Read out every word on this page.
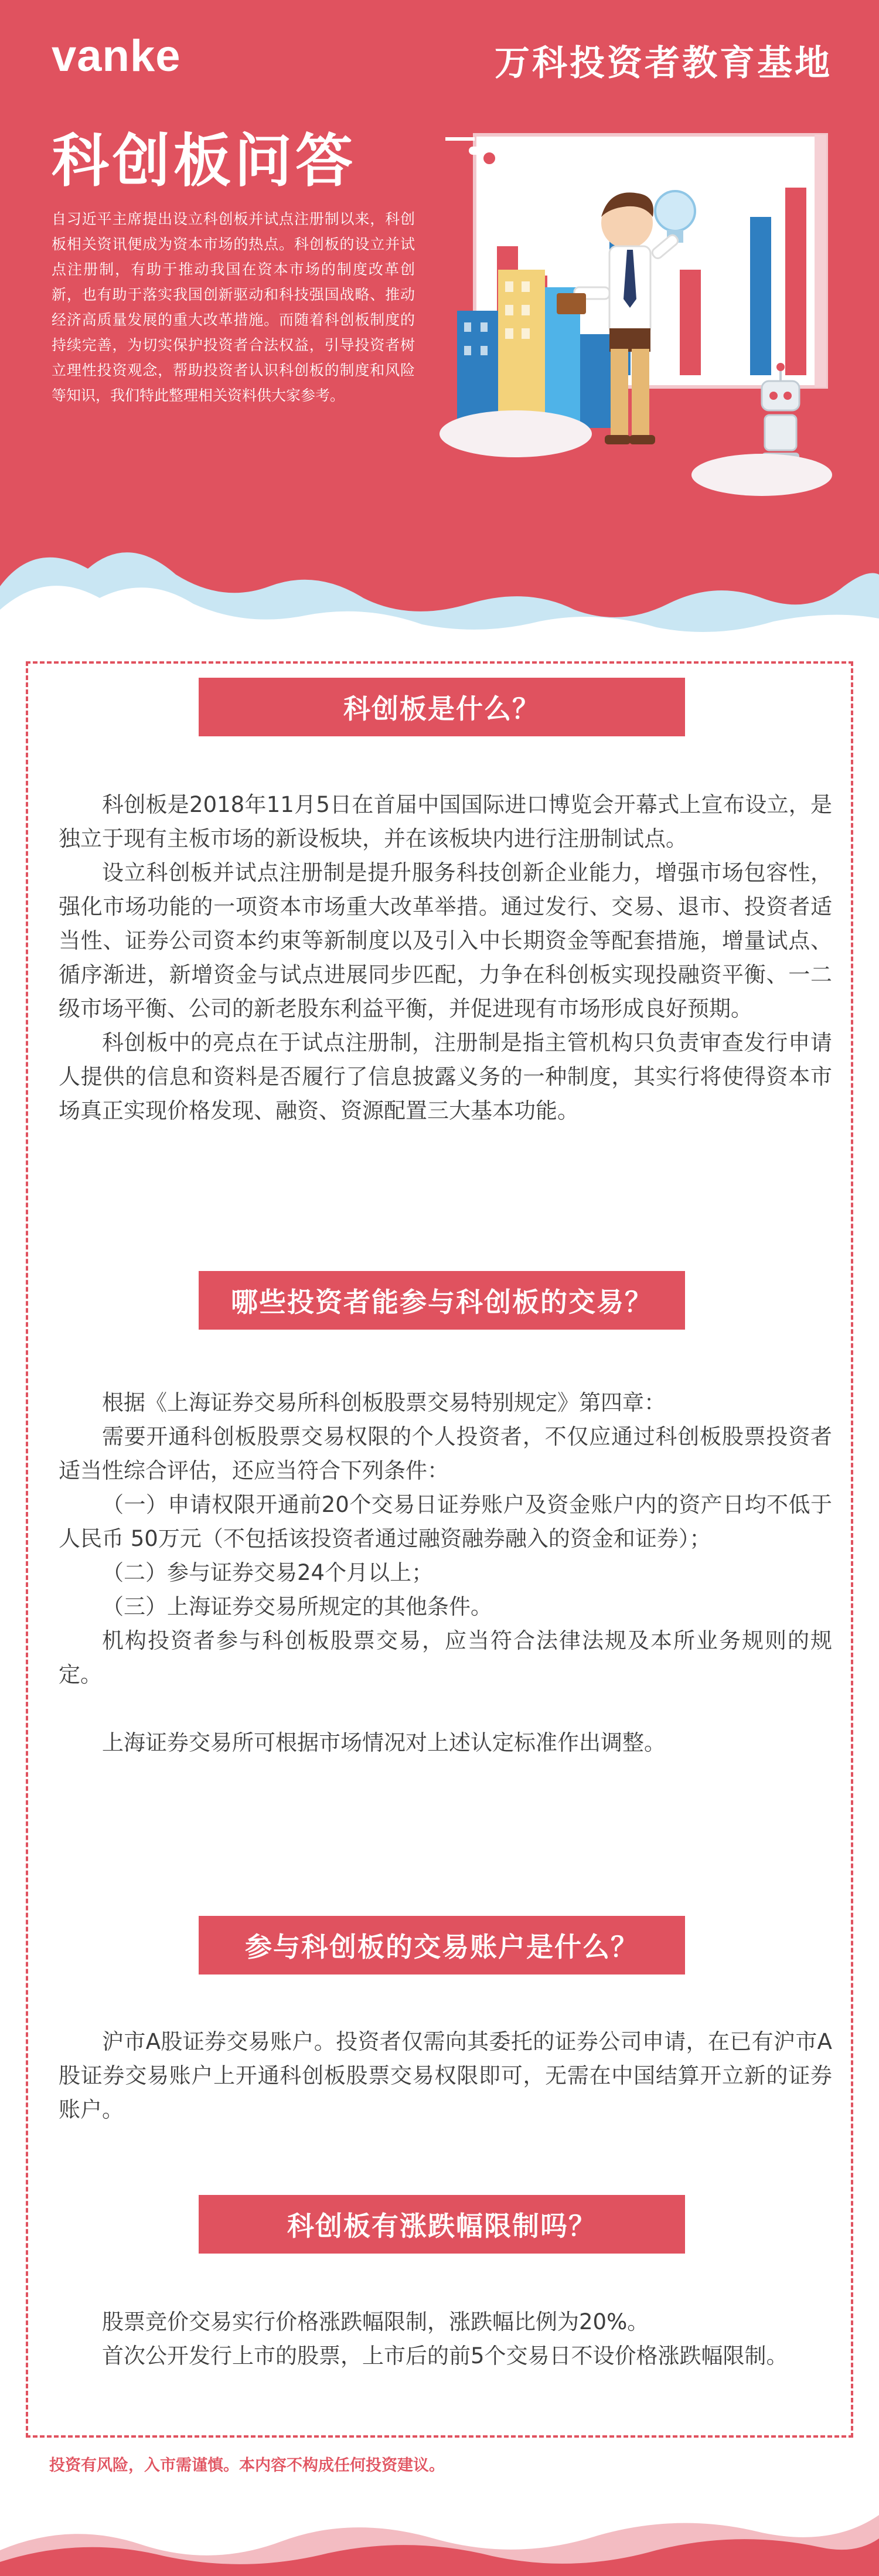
vanke	万科投资者教育基地
科创板问答
自习近平主席提出设立科创板并试点注册制以来，科创板相关资讯便成为资本市场的热点。科创板的设立并试点注册制，有助于推动我国在资本市场的制度改革创新，也有助于落实我国创新驱动和科技强国战略、推动经济高质量发展的重大改革措施。而随着科创板制度的持续完善，为切实保护投资者合法权益，引导投资者树立理性投资观念，帮助投资者认识科创板的制度和风险等知识，我们特此整理相关资料供大家参考。
科创板是什么？

科创板是2018年11月5日在首届中国国际进口博览会开幕式上宣布设立，是独立于现有主板市场的新设板块，并在该板块内进行注册制试点。

设立科创板并试点注册制是提升服务科技创新企业能力，增强市场包容性，强化市场功能的一项资本市场重大改革举措。通过发行、交易、退市、投资者适当性、证券公司资本约束等新制度以及引入中长期资金等配套措施，增量试点、循序渐进，新增资金与试点进展同步匹配，力争在科创板实现投融资平衡、一二级市场平衡、公司的新老股东利益平衡，并促进现有市场形成良好预期。

科创板中的亮点在于试点注册制，注册制是指主管机构只负责审查发行申请人提供的信息和资料是否履行了信息披露义务的一种制度，其实行将使得资本市场真正实现价格发现、融资、资源配置三大基本功能。

哪些投资者能参与科创板的交易？

根据《上海证券交易所科创板股票交易特别规定》第四章：

需要开通科创板股票交易权限的个人投资者，不仅应通过科创板股票投资者适当性综合评估，还应当符合下列条件：

（一）申请权限开通前20个交易日证券账户及资金账户内的资产日均不低于人民币 50万元（不包括该投资者通过融资融券融入的资金和证券）；

（二）参与证券交易24个月以上；

（三）上海证券交易所规定的其他条件。

机构投资者参与科创板股票交易，应当符合法律法规及本所业务规则的规定。

上海证券交易所可根据市场情况对上述认定标准作出调整。

参与科创板的交易账户是什么？

沪市A股证券交易账户。投资者仅需向其委托的证券公司申请，在已有沪市A股证券交易账户上开通科创板股票交易权限即可，无需在中国结算开立新的证券账户。

科创板有涨跌幅限制吗？

股票竞价交易实行价格涨跌幅限制，涨跌幅比例为20%。

首次公开发行上市的股票，上市后的前5个交易日不设价格涨跌幅限制。

投资有风险，入市需谨慎。本内容不构成任何投资建议。
